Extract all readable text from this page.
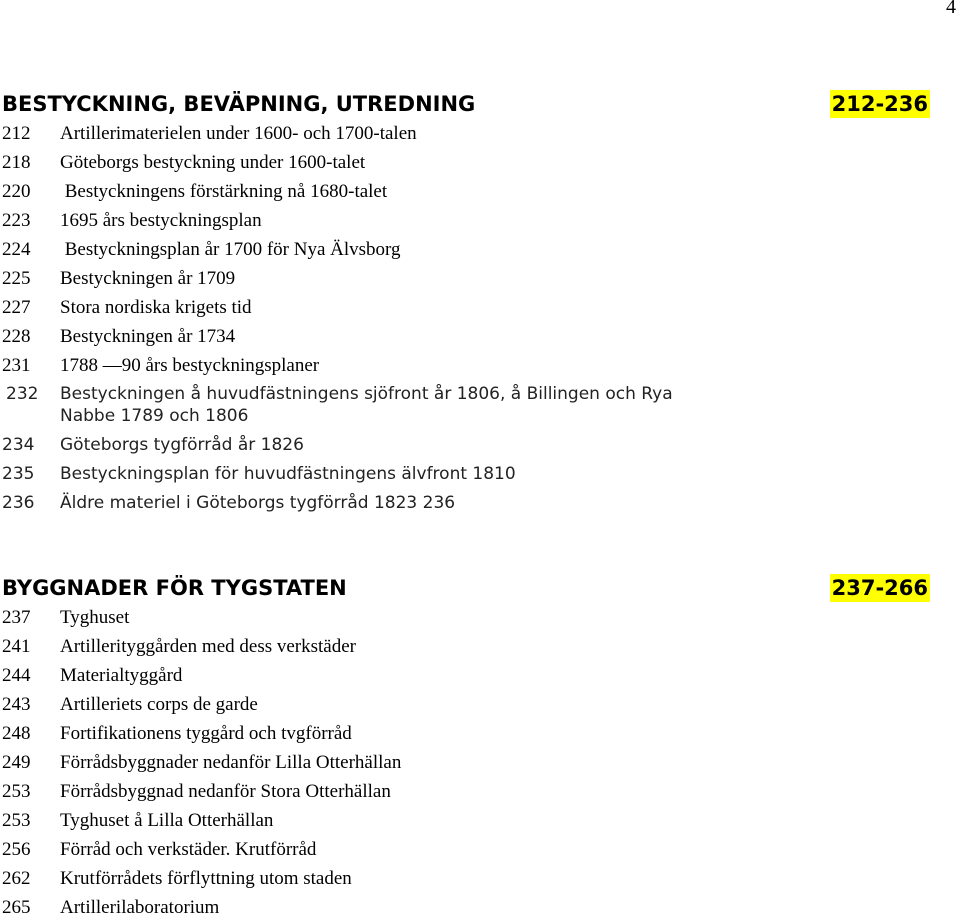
4
BESTYCKNING, BEVÄPNING, UTREDNING	212-236
212	Artillerimaterielen under 1600- och 1700-talen
218	Göteborgs bestyckning under 1600-talet
220	Bestyckningens förstärkning nå 1680-talet
223	1695 års bestyckningsplan
224	Bestyckningsplan år 1700 för Nya Älvsborg
225	Bestyckningen år 1709
227	Stora nordiska krigets tid
228	Bestyckningen år 1734
231	1788 —90 års bestyckningsplaner
232	Bestyckningen å huvudfästningens sjöfront år 1806, å Billingen och Rya Nabbe 1789 och 1806
234	Göteborgs tygförråd år 1826
235	Bestyckningsplan för huvudfästningens älvfront 1810
236	Äldre materiel i Göteborgs tygförråd 1823 236
BYGGNADER FÖR TYGSTATEN	237-266
237	Tyghuset
241	Artillerityggården med dess verkstäder
244	Materialtyggård
243	Artilleriets corps de garde
248	Fortifikationens tyggård och tvgförråd
249	Förrådsbyggnader nedanför Lilla Otterhällan
253	Förrådsbyggnad nedanför Stora Otterhällan
253	Tyghuset å Lilla Otterhällan
256	Förråd och verkstäder. Krutförråd
262	Krutförrådets förflyttning utom staden
265	Artillerilaboratorium
